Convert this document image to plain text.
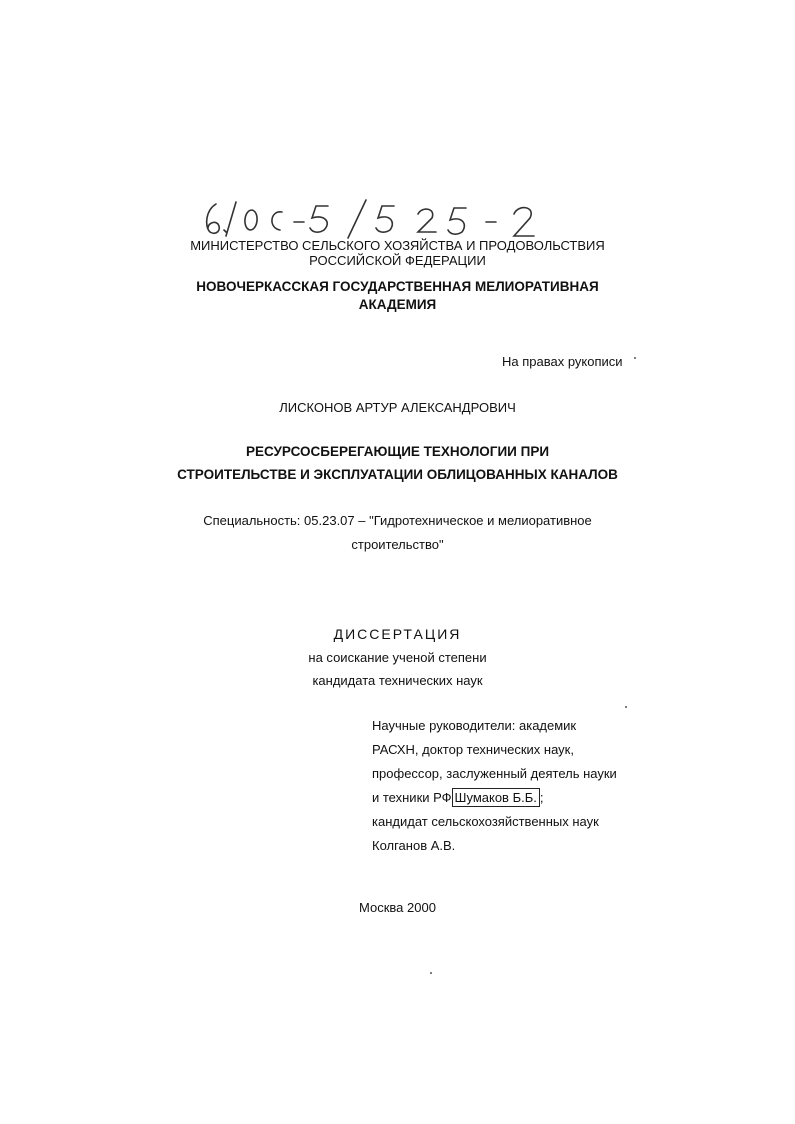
МИНИСТЕРСТВО СЕЛЬСКОГО ХОЗЯЙСТВА И ПРОДОВОЛЬСТВИЯ
РОССИЙСКОЙ ФЕДЕРАЦИИ
НОВОЧЕРКАССКАЯ ГОСУДАРСТВЕННАЯ МЕЛИОРАТИВНАЯ
АКАДЕМИЯ
На правах рукописи
ЛИСКОНОВ АРТУР АЛЕКСАНДРОВИЧ
РЕСУРСОСБЕРЕГАЮЩИЕ ТЕХНОЛОГИИ ПРИ
СТРОИТЕЛЬСТВЕ И ЭКСПЛУАТАЦИИ ОБЛИЦОВАННЫХ КАНАЛОВ
Специальность: 05.23.07 – "Гидротехническое и мелиоративное
строительство"
ДИССЕРТАЦИЯ
на соискание ученой степени
кандидата технических наук
Научные руководители: академик
РАСХН, доктор технических наук,
профессор, заслуженный деятель науки
и техники РФ Шумаков Б.Б. ;
кандидат сельскохозяйственных наук
Колганов А.В.
Москва 2000
